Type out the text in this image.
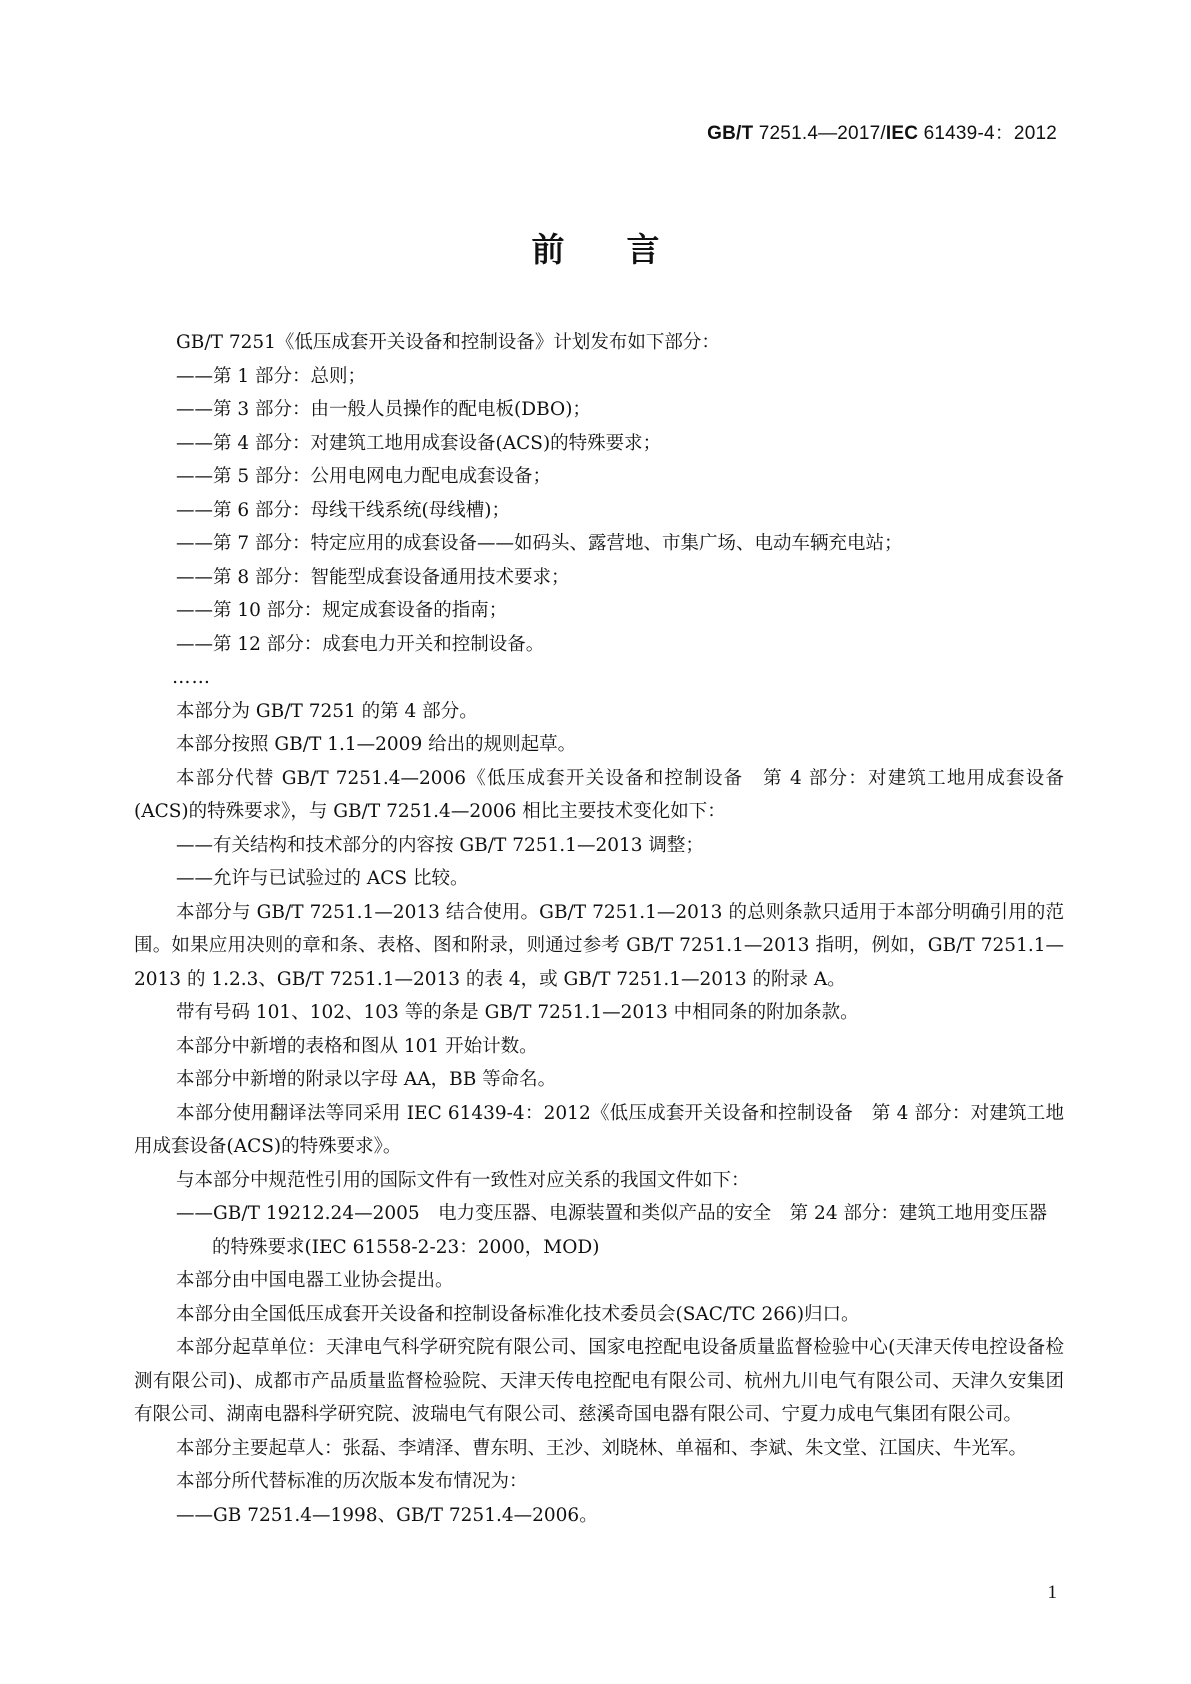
GB/T 7251.4—2017/IEC 61439-4：2012
前言

GB/T 7251《低压成套开关设备和控制设备》计划发布如下部分：

——第 1 部分：总则；

——第 3 部分：由一般人员操作的配电板(DBO)；

——第 4 部分：对建筑工地用成套设备(ACS)的特殊要求；

——第 5 部分：公用电网电力配电成套设备；

——第 6 部分：母线干线系统(母线槽)；

——第 7 部分：特定应用的成套设备——如码头、露营地、市集广场、电动车辆充电站；

——第 8 部分：智能型成套设备通用技术要求；

——第 10 部分：规定成套设备的指南；

——第 12 部分：成套电力开关和控制设备。

……

本部分为 GB/T 7251 的第 4 部分。

本部分按照 GB/T 1.1—2009 给出的规则起草。

本部分代替 GB/T 7251.4—2006《低压成套开关设备和控制设备　第 4 部分：对建筑工地用成套设备(ACS)的特殊要求》，与 GB/T 7251.4—2006 相比主要技术变化如下：

——有关结构和技术部分的内容按 GB/T 7251.1—2013 调整；

——允许与已试验过的 ACS 比较。

本部分与 GB/T 7251.1—2013 结合使用。GB/T 7251.1—2013 的总则条款只适用于本部分明确引用的范围。如果应用决则的章和条、表格、图和附录，则通过参考 GB/T 7251.1—2013 指明，例如，GB/T 7251.1—2013 的 1.2.3、GB/T 7251.1—2013 的表 4，或 GB/T 7251.1—2013 的附录 A。

带有号码 101、102、103 等的条是 GB/T 7251.1—2013 中相同条的附加条款。

本部分中新增的表格和图从 101 开始计数。

本部分中新增的附录以字母 AA，BB 等命名。

本部分使用翻译法等同采用 IEC 61439-4：2012《低压成套开关设备和控制设备　第 4 部分：对建筑工地用成套设备(ACS)的特殊要求》。

与本部分中规范性引用的国际文件有一致性对应关系的我国文件如下：

——GB/T 19212.24—2005　电力变压器、电源装置和类似产品的安全　第 24 部分：建筑工地用变压器的特殊要求(IEC 61558-2-23：2000，MOD)

本部分由中国电器工业协会提出。

本部分由全国低压成套开关设备和控制设备标准化技术委员会(SAC/TC 266)归口。

本部分起草单位：天津电气科学研究院有限公司、国家电控配电设备质量监督检验中心(天津天传电控设备检测有限公司)、成都市产品质量监督检验院、天津天传电控配电有限公司、杭州九川电气有限公司、天津久安集团有限公司、湖南电器科学研究院、波瑞电气有限公司、慈溪奇国电器有限公司、宁夏力成电气集团有限公司。

本部分主要起草人：张磊、李靖泽、曹东明、王沙、刘晓林、单福和、李斌、朱文堂、江国庆、牛光军。

本部分所代替标准的历次版本发布情况为：

——GB 7251.4—1998、GB/T 7251.4—2006。

1
